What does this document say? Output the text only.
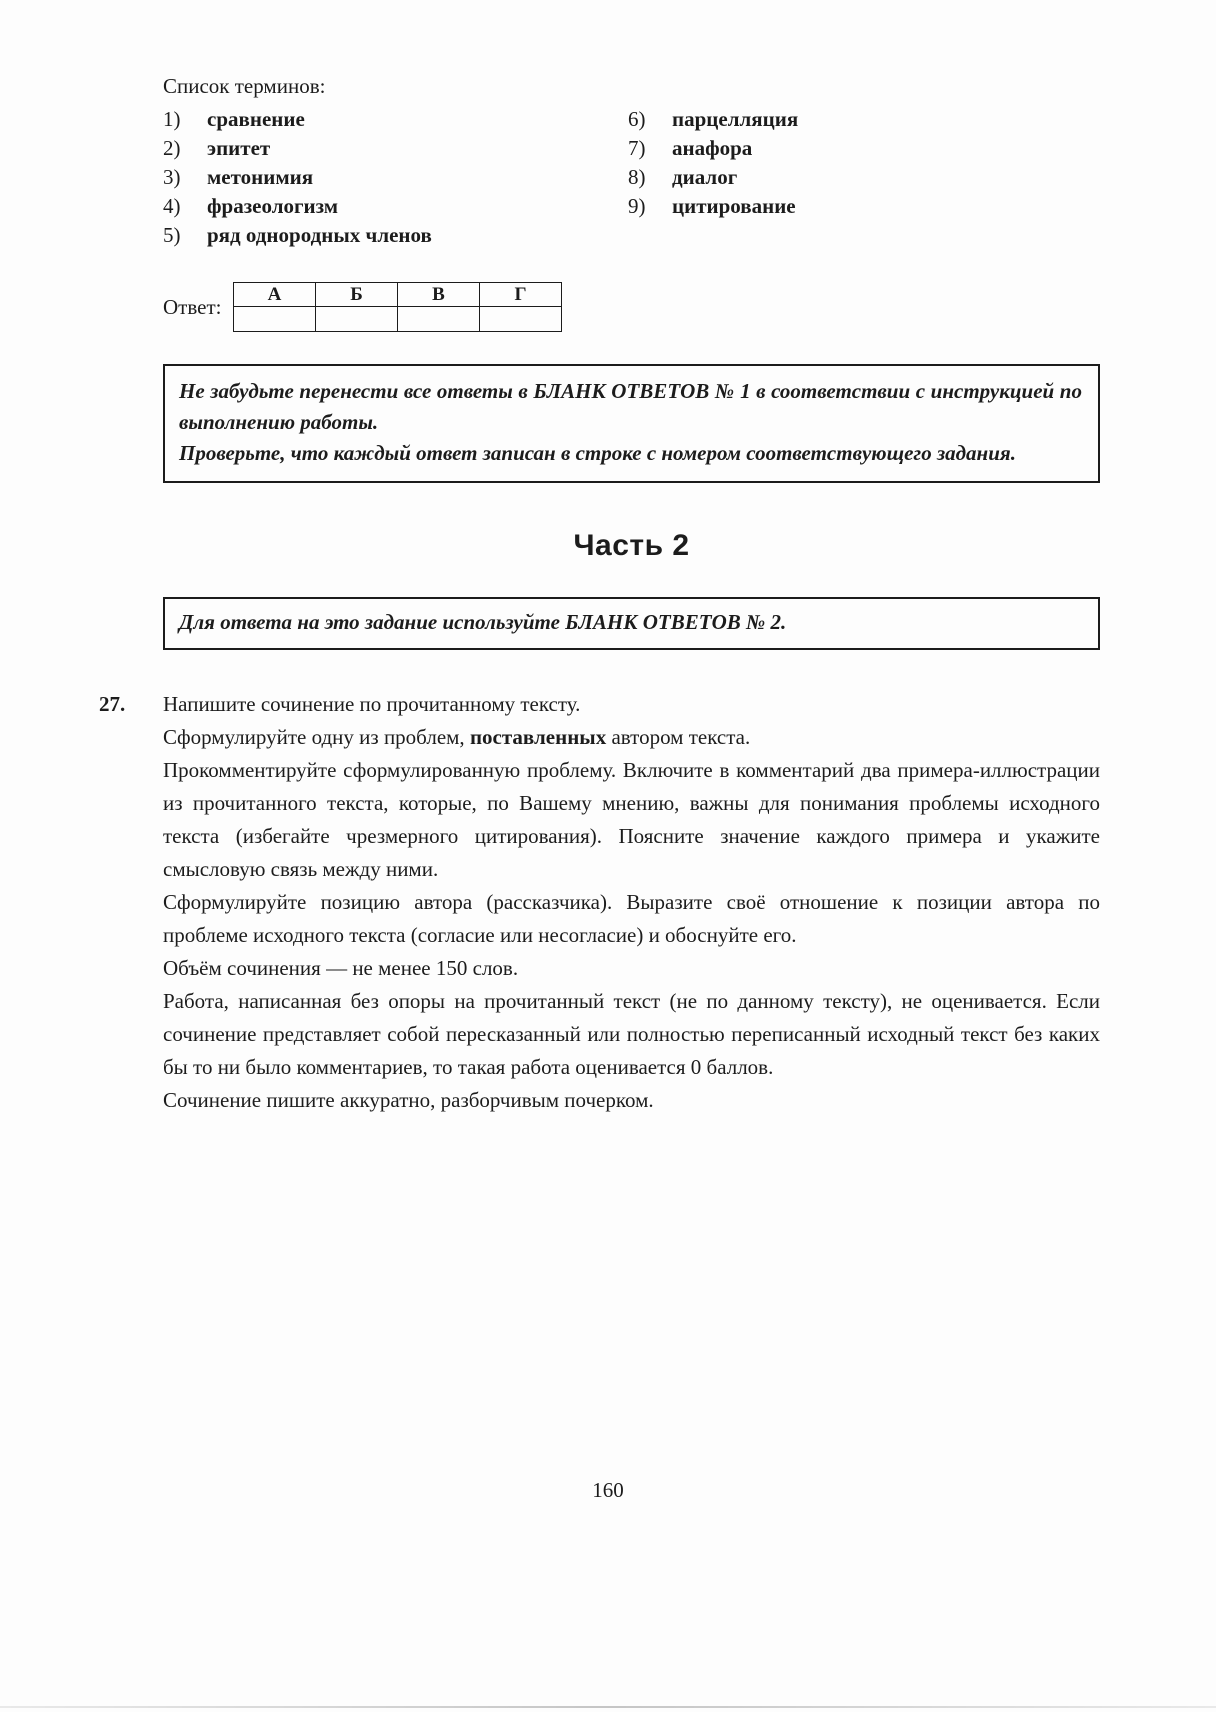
Список терминов:
1)	сравнение
2)	эпитет
3)	метонимия
4)	фразеологизм
5)	ряд однородных членов
6)	парцелляция
7)	анафора
8)	диалог
9)	цитирование
Ответ:
А	Б	В	Г

Не забудьте перенести все ответы в БЛАНК ОТВЕТОВ № 1 в соответствии с инструкцией по выполнению работы.

Проверьте, что каждый ответ записан в строке с номером соответствующего задания.

Часть 2
Для ответа на это задание используйте БЛАНК ОТВЕТОВ № 2.
27. Напишите сочинение по прочитанному тексту.

Сформулируйте одну из проблем, поставленных автором текста.

Прокомментируйте сформулированную проблему. Включите в комментарий два примера-иллюстрации из прочитанного текста, которые, по Вашему мнению, важны для понимания проблемы исходного текста (избегайте чрезмерного цитирования). Поясните значение каждого примера и укажите смысловую связь между ними.

Сформулируйте позицию автора (рассказчика). Выразите своё отношение к позиции автора по проблеме исходного текста (согласие или несогласие) и обоснуйте его.

Объём сочинения — не менее 150 слов.

Работа, написанная без опоры на прочитанный текст (не по данному тексту), не оценивается. Если сочинение представляет собой пересказанный или полностью переписанный исходный текст без каких бы то ни было комментариев, то такая работа оценивается 0 баллов.

Сочинение пишите аккуратно, разборчивым почерком.

160
